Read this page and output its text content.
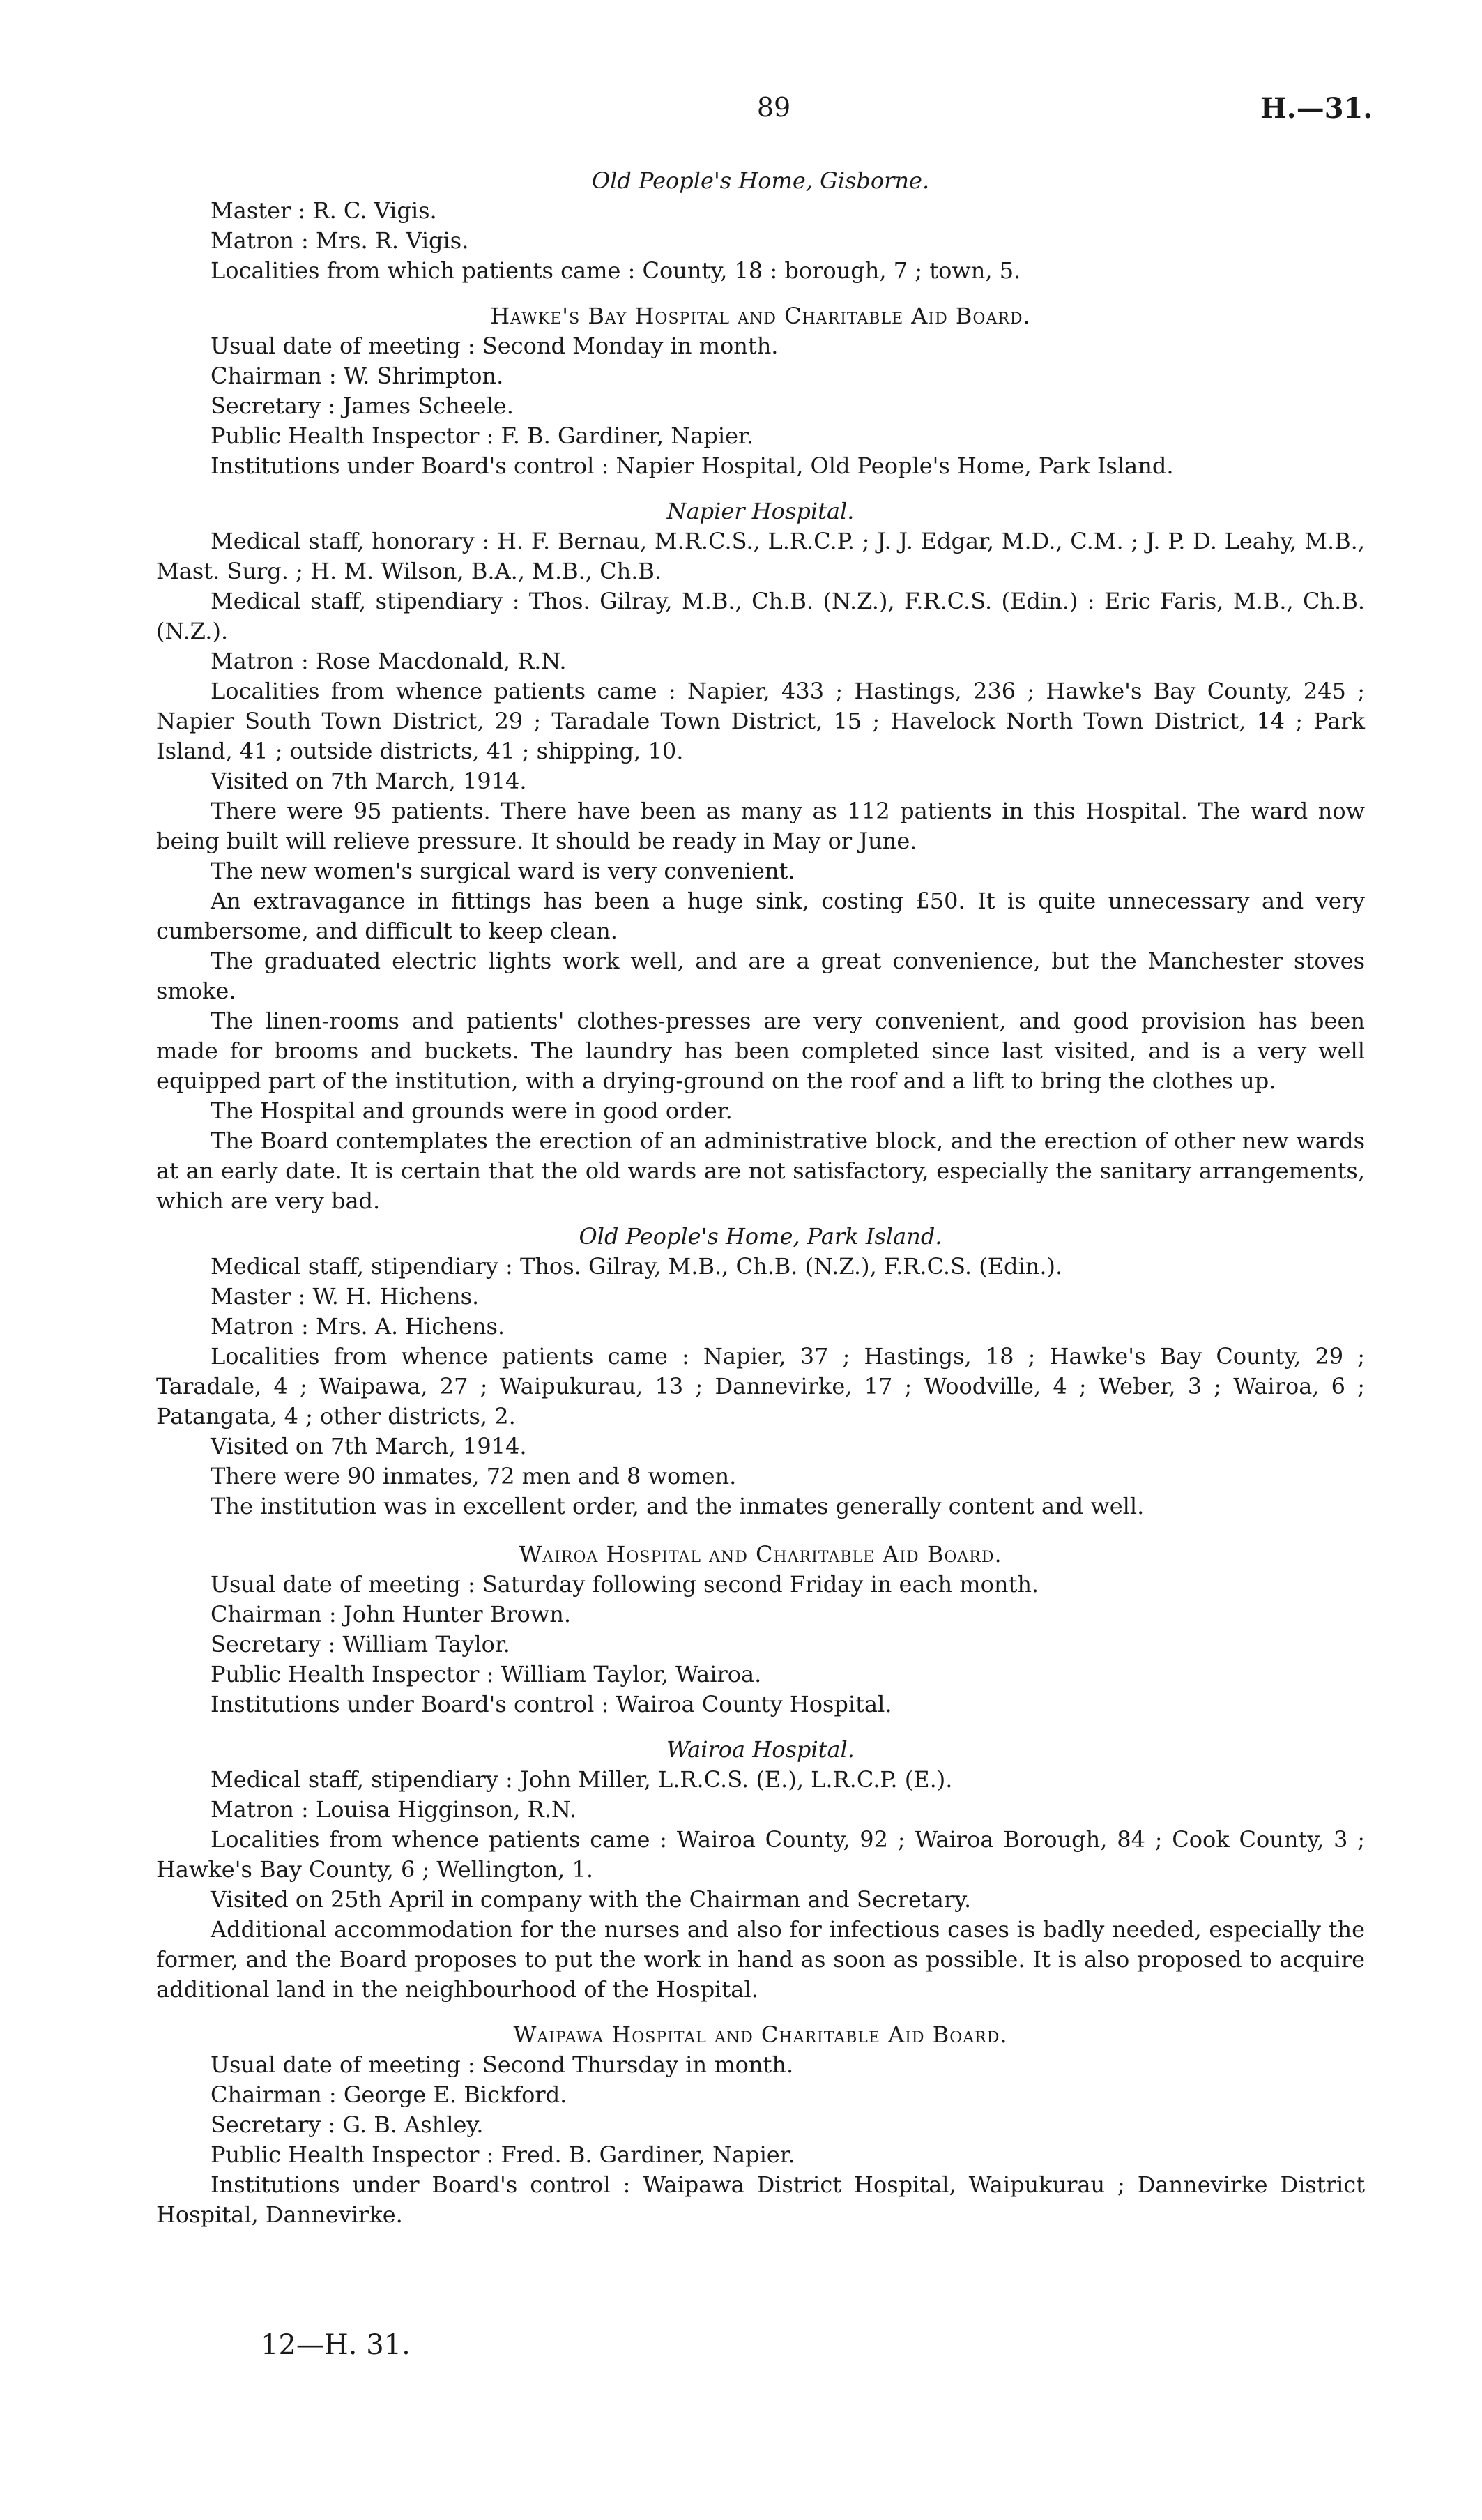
89	H.—31.
Old People's Home, Gisborne.

Master : R. C. Vigis.

Matron : Mrs. R. Vigis.

Localities from which patients came : County, 18 : borough, 7 ; town, 5.

Hawke's Bay Hospital and Charitable Aid Board.

Usual date of meeting : Second Monday in month.

Chairman : W. Shrimpton.

Secretary : James Scheele.

Public Health Inspector : F. B. Gardiner, Napier.

Institutions under Board's control : Napier Hospital, Old People's Home, Park Island.

Napier Hospital.

Medical staff, honorary : H. F. Bernau, M.R.C.S., L.R.C.P. ; J. J. Edgar, M.D., C.M. ; J. P. D. Leahy, M.B., Mast. Surg. ; H. M. Wilson, B.A., M.B., Ch.B.

Medical staff, stipendiary : Thos. Gilray, M.B., Ch.B. (N.Z.), F.R.C.S. (Edin.) : Eric Faris, M.B., Ch.B. (N.Z.).

Matron : Rose Macdonald, R.N.

Localities from whence patients came : Napier, 433 ; Hastings, 236 ; Hawke's Bay County, 245 ; Napier South Town District, 29 ; Taradale Town District, 15 ; Havelock North Town District, 14 ; Park Island, 41 ; outside districts, 41 ; shipping, 10.

Visited on 7th March, 1914.

There were 95 patients. There have been as many as 112 patients in this Hospital. The ward now being built will relieve pressure. It should be ready in May or June.

The new women's surgical ward is very convenient.

An extravagance in fittings has been a huge sink, costing £50. It is quite unnecessary and very cumbersome, and difficult to keep clean.

The graduated electric lights work well, and are a great convenience, but the Manchester stoves smoke.

The linen-rooms and patients' clothes-presses are very convenient, and good provision has been made for brooms and buckets. The laundry has been completed since last visited, and is a very well equipped part of the institution, with a drying-ground on the roof and a lift to bring the clothes up.

The Hospital and grounds were in good order.

The Board contemplates the erection of an administrative block, and the erection of other new wards at an early date. It is certain that the old wards are not satisfactory, especially the sanitary arrangements, which are very bad.

Old People's Home, Park Island.

Medical staff, stipendiary : Thos. Gilray, M.B., Ch.B. (N.Z.), F.R.C.S. (Edin.).

Master : W. H. Hichens.

Matron : Mrs. A. Hichens.

Localities from whence patients came : Napier, 37 ; Hastings, 18 ; Hawke's Bay County, 29 ; Taradale, 4 ; Waipawa, 27 ; Waipukurau, 13 ; Dannevirke, 17 ; Woodville, 4 ; Weber, 3 ; Wairoa, 6 ; Patangata, 4 ; other districts, 2.

Visited on 7th March, 1914.

There were 90 inmates, 72 men and 8 women.

The institution was in excellent order, and the inmates generally content and well.

Wairoa Hospital and Charitable Aid Board.

Usual date of meeting : Saturday following second Friday in each month.

Chairman : John Hunter Brown.

Secretary : William Taylor.

Public Health Inspector : William Taylor, Wairoa.

Institutions under Board's control : Wairoa County Hospital.

Wairoa Hospital.

Medical staff, stipendiary : John Miller, L.R.C.S. (E.), L.R.C.P. (E.).

Matron : Louisa Higginson, R.N.

Localities from whence patients came : Wairoa County, 92 ; Wairoa Borough, 84 ; Cook County, 3 ; Hawke's Bay County, 6 ; Wellington, 1.

Visited on 25th April in company with the Chairman and Secretary.

Additional accommodation for the nurses and also for infectious cases is badly needed, especially the former, and the Board proposes to put the work in hand as soon as possible. It is also proposed to acquire additional land in the neighbourhood of the Hospital.

Waipawa Hospital and Charitable Aid Board.

Usual date of meeting : Second Thursday in month.

Chairman : George E. Bickford.

Secretary : G. B. Ashley.

Public Health Inspector : Fred. B. Gardiner, Napier.

Institutions under Board's control : Waipawa District Hospital, Waipukurau ; Dannevirke District Hospital, Dannevirke.

12—H. 31.
